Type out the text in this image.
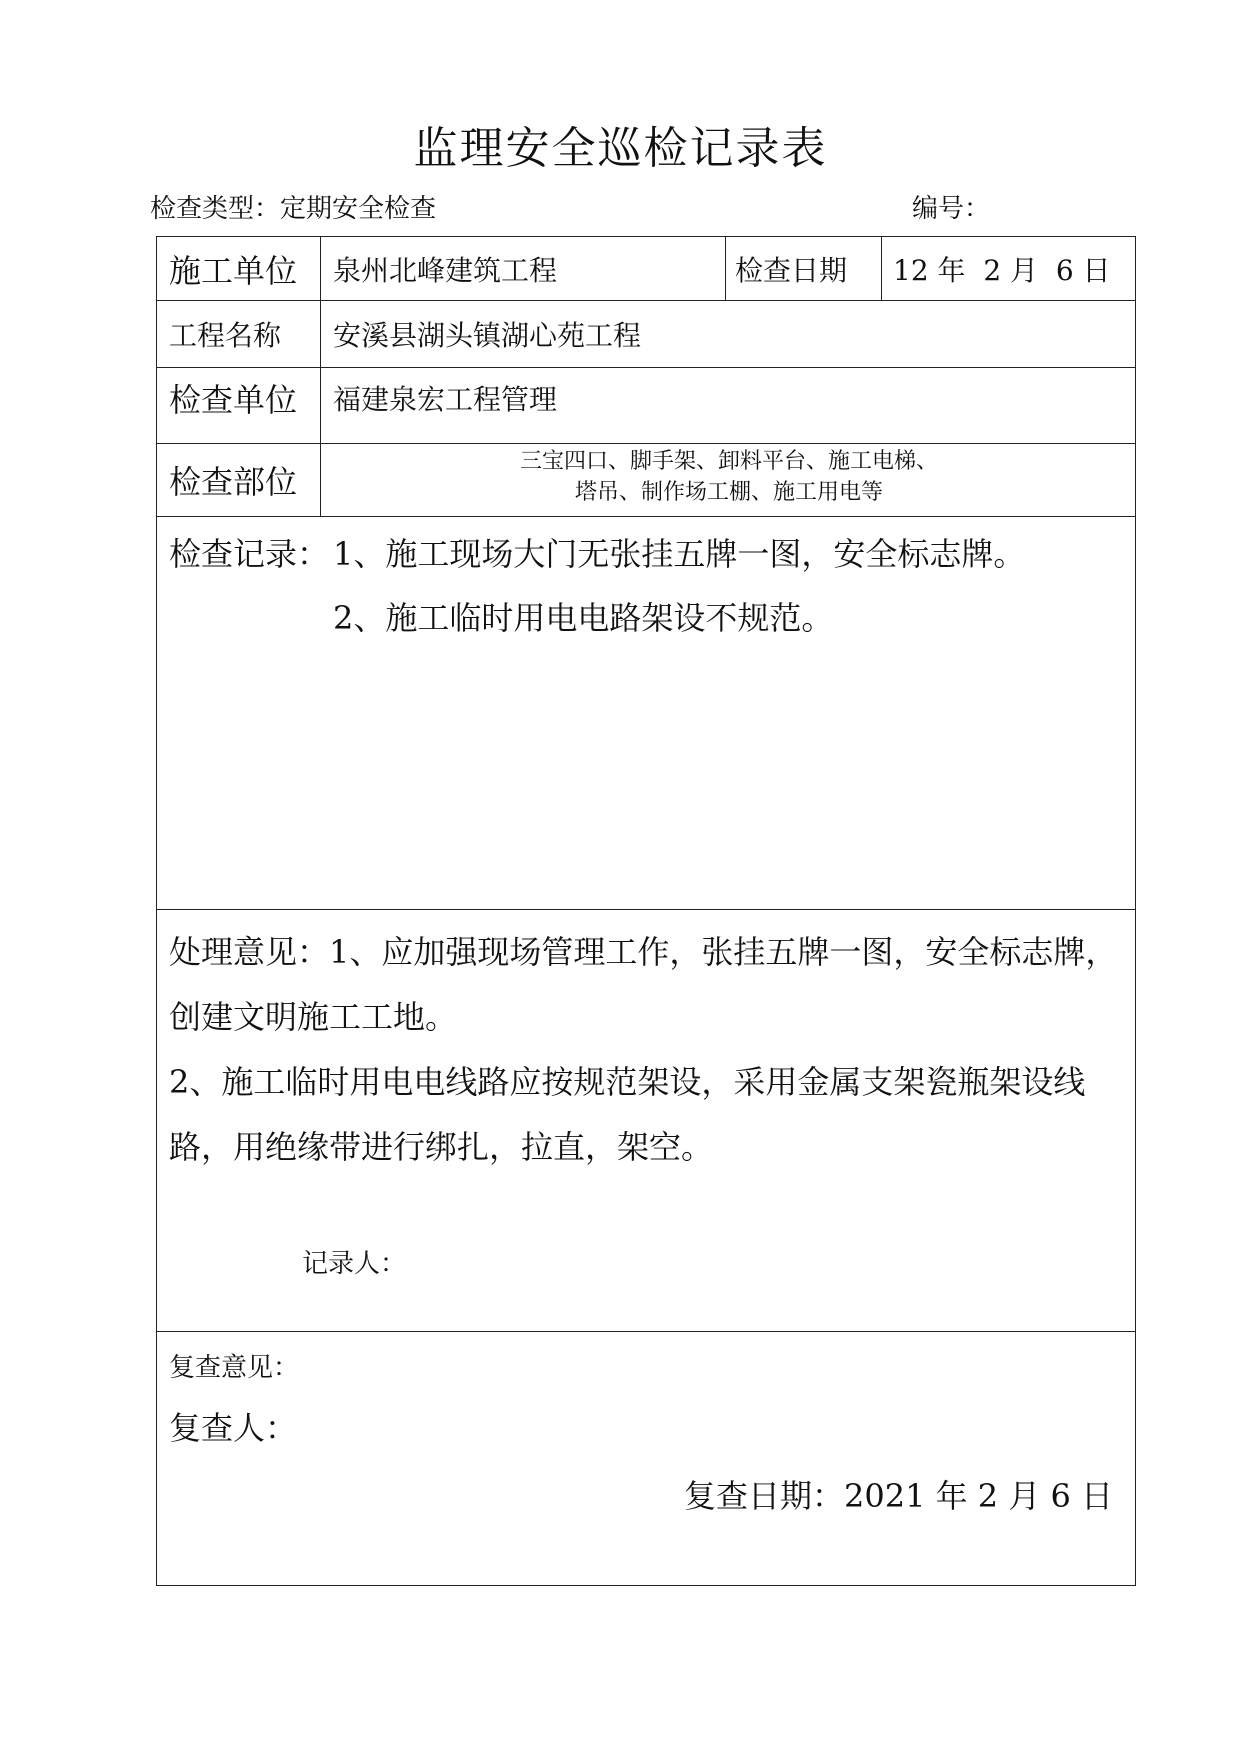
监理安全巡检记录表
检查类型：定期安全检查	编号：
施工单位 泉州北峰建筑工程	检查日期 12 年  2 月  6 日
工程名称 安溪县湖头镇湖心苑工程
检查单位 福建泉宏工程管理
检查部位
三宝四口、脚手架、卸料平台、施工电梯、
塔吊、制作场工棚、施工用电等
检查记录： 1、施工现场大门无张挂五牌一图，安全标志牌。
2、施工临时用电电路架设不规范。
处理意见：1、应加强现场管理工作，张挂五牌一图，安全标志牌，
创建文明施工工地。
2、施工临时用电电线路应按规范架设，采用金属支架瓷瓶架设线
路，用绝缘带进行绑扎，拉直，架空。
记录人：
复查意见：
复查人：
复查日期：2021 年 2 月 6 日
